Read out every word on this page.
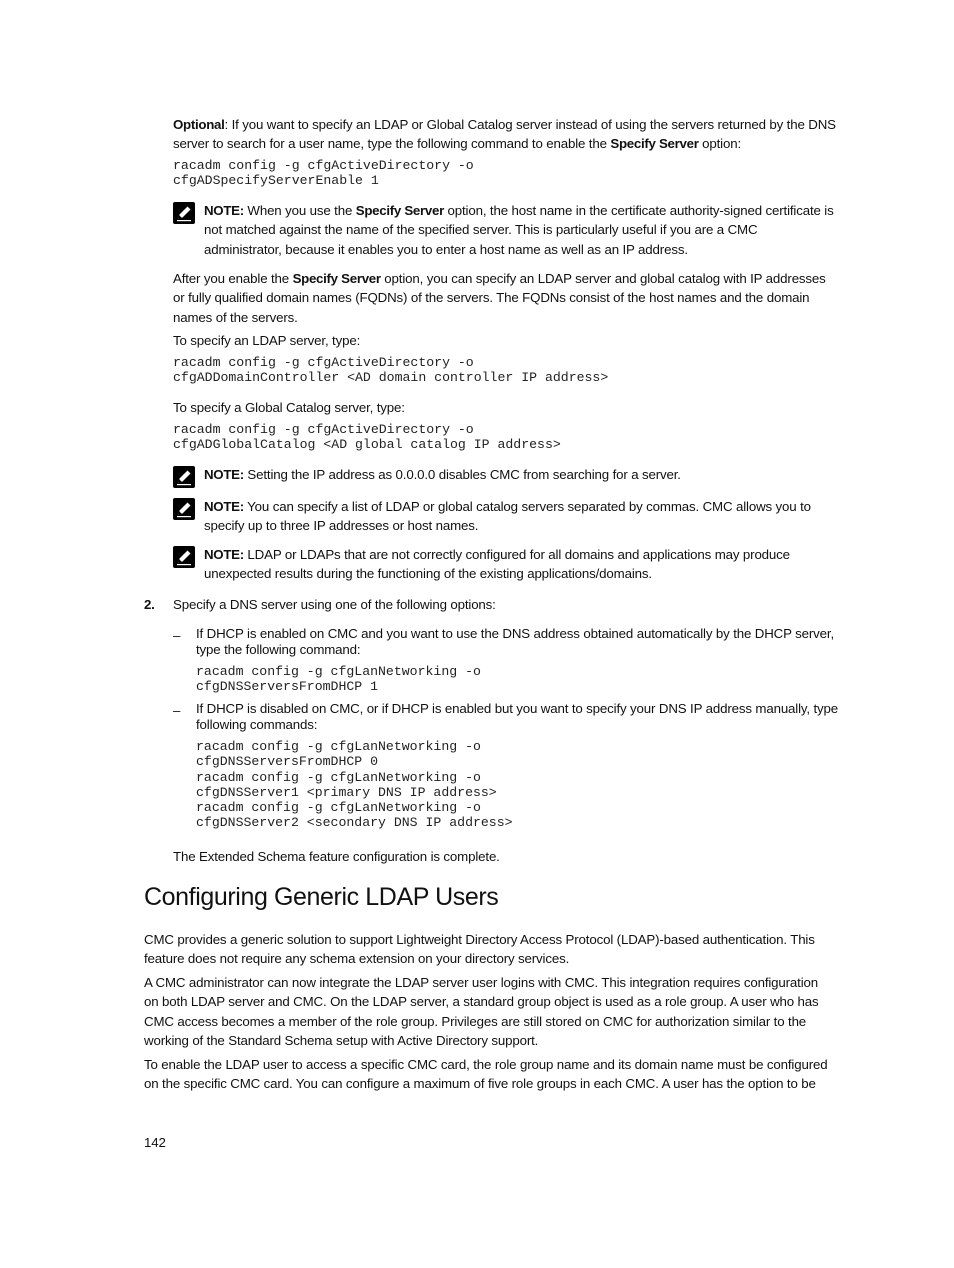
Optional: If you want to specify an LDAP or Global Catalog server instead of using the servers returned by the DNS
server to search for a user name, type the following command to enable the Specify Server option:
racadm config -g cfgActiveDirectory -o
cfgADSpecifyServerEnable 1
NOTE: When you use the Specify Server option, the host name in the certificate authority-signed certificate is
not matched against the name of the specified server. This is particularly useful if you are a CMC
administrator, because it enables you to enter a host name as well as an IP address.
After you enable the Specify Server option, you can specify an LDAP server and global catalog with IP addresses
or fully qualified domain names (FQDNs) of the servers. The FQDNs consist of the host names and the domain
names of the servers.
To specify an LDAP server, type:
racadm config -g cfgActiveDirectory -o
cfgADDomainController <AD domain controller IP address>
To specify a Global Catalog server, type:
racadm config -g cfgActiveDirectory -o
cfgADGlobalCatalog <AD global catalog IP address>
NOTE: Setting the IP address as 0.0.0.0 disables CMC from searching for a server.
NOTE: You can specify a list of LDAP or global catalog servers separated by commas. CMC allows you to
specify up to three IP addresses or host names.
NOTE: LDAP or LDAPs that are not correctly configured for all domains and applications may produce
unexpected results during the functioning of the existing applications/domains.
2. Specify a DNS server using one of the following options:
– If DHCP is enabled on CMC and you want to use the DNS address obtained automatically by the DHCP server,
type the following command:
racadm config -g cfgLanNetworking -o
cfgDNSServersFromDHCP 1
– If DHCP is disabled on CMC, or if DHCP is enabled but you want to specify your DNS IP address manually, type
following commands:
racadm config -g cfgLanNetworking -o
cfgDNSServersFromDHCP 0
racadm config -g cfgLanNetworking -o
cfgDNSServer1 <primary DNS IP address>
racadm config -g cfgLanNetworking -o
cfgDNSServer2 <secondary DNS IP address>
The Extended Schema feature configuration is complete.
Configuring Generic LDAP Users
CMC provides a generic solution to support Lightweight Directory Access Protocol (LDAP)-based authentication. This
feature does not require any schema extension on your directory services.
A CMC administrator can now integrate the LDAP server user logins with CMC. This integration requires configuration
on both LDAP server and CMC. On the LDAP server, a standard group object is used as a role group. A user who has
CMC access becomes a member of the role group. Privileges are still stored on CMC for authorization similar to the
working of the Standard Schema setup with Active Directory support.
To enable the LDAP user to access a specific CMC card, the role group name and its domain name must be configured
on the specific CMC card. You can configure a maximum of five role groups in each CMC. A user has the option to be
142
